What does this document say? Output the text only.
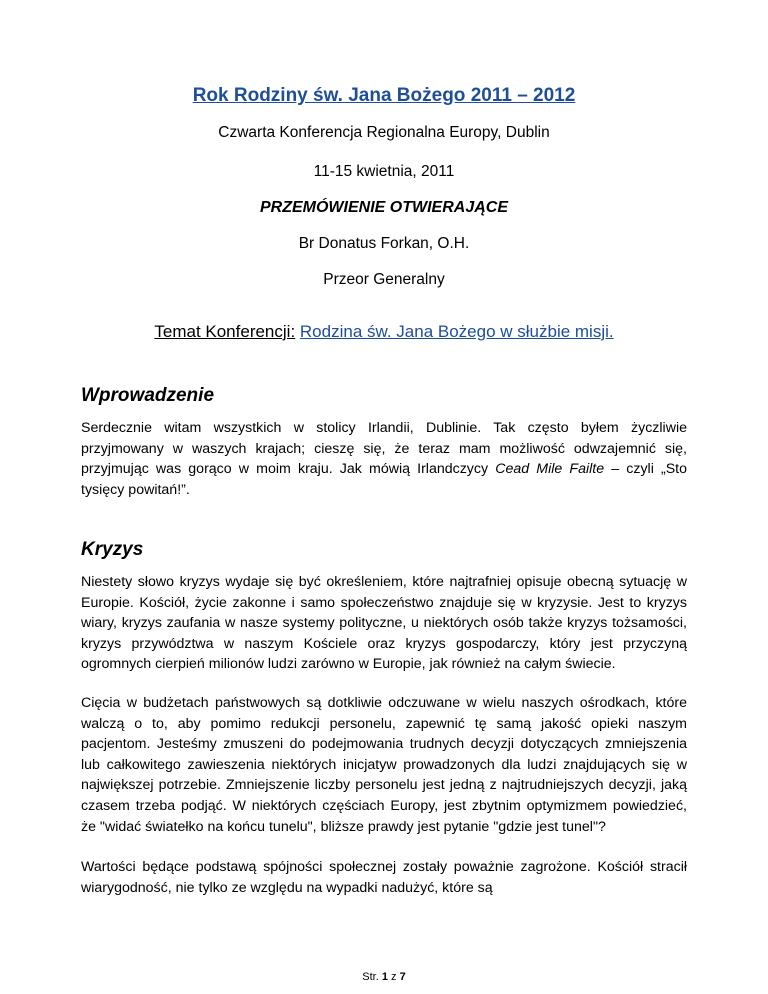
Rok Rodziny św. Jana Bożego 2011 – 2012
Czwarta Konferencja Regionalna Europy, Dublin
11-15 kwietnia, 2011
PRZEMÓWIENIE OTWIERAJĄCE
Br Donatus Forkan, O.H.
Przeor Generalny
Temat Konferencji: Rodzina św. Jana Bożego w służbie misji.
Wprowadzenie

Serdecznie witam wszystkich w stolicy Irlandii, Dublinie. Tak często byłem życzliwie przyjmowany w waszych krajach; cieszę się, że teraz mam możliwość odwzajemnić się, przyjmując was gorąco w moim kraju. Jak mówią Irlandczycy Cead Mile Failte – czyli „Sto tysięcy powitań!”.

Kryzys

Niestety słowo kryzys wydaje się być określeniem, które najtrafniej opisuje obecną sytuację w Europie. Kościół, życie zakonne i samo społeczeństwo znajduje się w kryzysie. Jest to kryzys wiary, kryzys zaufania w nasze systemy polityczne, u niektórych osób także kryzys tożsamości, kryzys przywództwa w naszym Kościele oraz kryzys gospodarczy, który jest przyczyną ogromnych cierpień milionów ludzi zarówno w Europie, jak również na całym świecie.

Cięcia w budżetach państwowych są dotkliwie odczuwane w wielu naszych ośrodkach, które walczą o to, aby pomimo redukcji personelu, zapewnić tę samą jakość opieki naszym pacjentom. Jesteśmy zmuszeni do podejmowania trudnych decyzji dotyczących zmniejszenia lub całkowitego zawieszenia niektórych inicjatyw prowadzonych dla ludzi znajdujących się w największej potrzebie. Zmniejszenie liczby personelu jest jedną z najtrudniejszych decyzji, jaką czasem trzeba podjąć. W niektórych częściach Europy, jest zbytnim optymizmem powiedzieć, że "widać światełko na końcu tunelu", bliższe prawdy jest pytanie "gdzie jest tunel"?

Wartości będące podstawą spójności społecznej zostały poważnie zagrożone. Kościół stracił wiarygodność, nie tylko ze względu na wypadki nadużyć, które są

Str. 1 z 7
